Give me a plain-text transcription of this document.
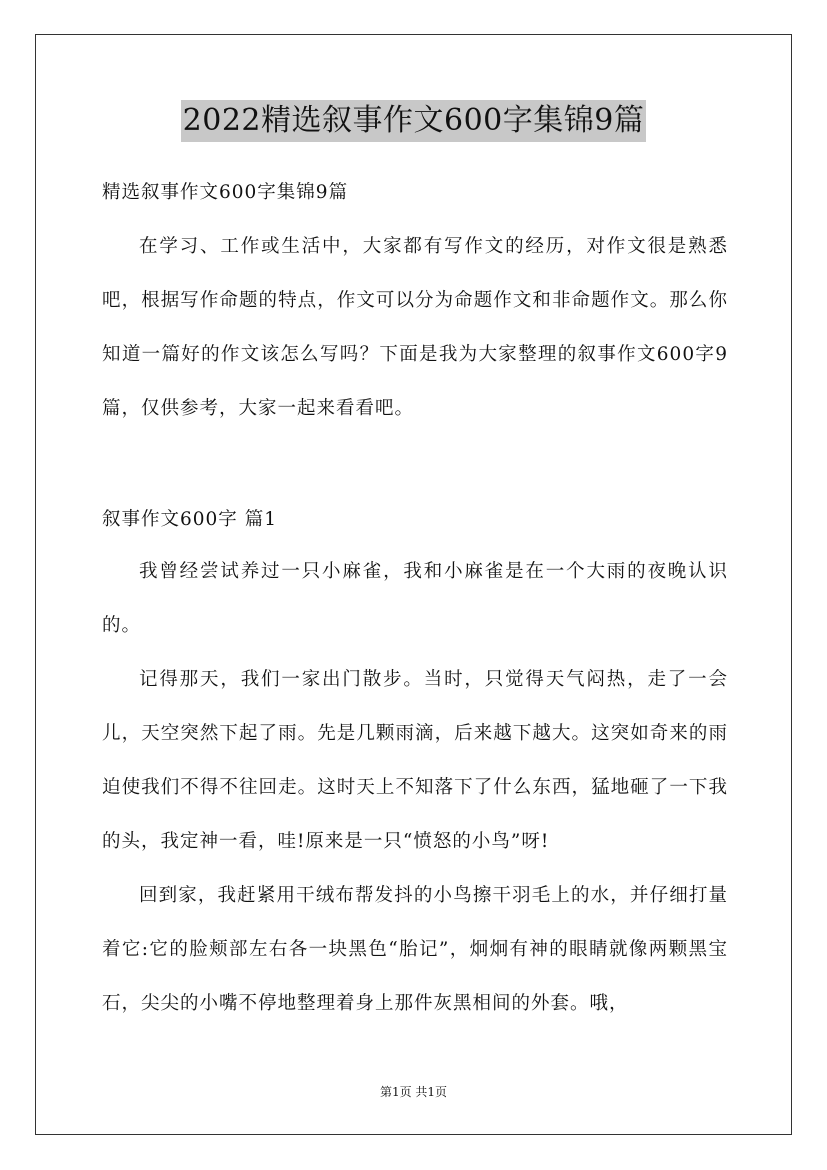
2022精选叙事作文600字集锦9篇

精选叙事作文600字集锦9篇

在学习、工作或生活中，大家都有写作文的经历，对作文很是熟悉吧，根据写作命题的特点，作文可以分为命题作文和非命题作文。那么你知道一篇好的作文该怎么写吗？下面是我为大家整理的叙事作文600字9篇，仅供参考，大家一起来看看吧。

叙事作文600字 篇1

我曾经尝试养过一只小麻雀，我和小麻雀是在一个大雨的夜晚认识的。

记得那天，我们一家出门散步。当时，只觉得天气闷热，走了一会儿，天空突然下起了雨。先是几颗雨滴，后来越下越大。这突如奇来的雨迫使我们不得不往回走。这时天上不知落下了什么东西，猛地砸了一下我的头，我定神一看，哇!原来是一只“愤怒的小鸟”呀!

回到家，我赶紧用干绒布帮发抖的小鸟擦干羽毛上的水，并仔细打量着它:它的脸颊部左右各一块黑色“胎记”，炯炯有神的眼睛就像两颗黑宝石，尖尖的小嘴不停地整理着身上那件灰黑相间的外套。哦，

第1页 共1页
